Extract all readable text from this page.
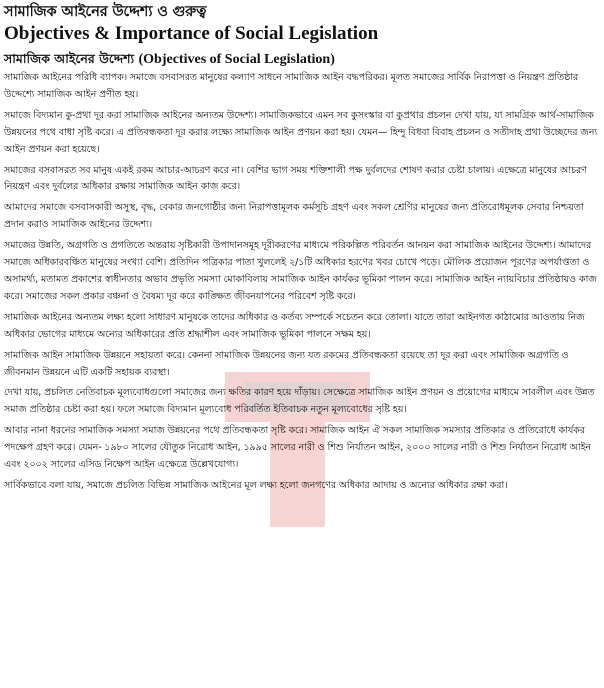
সামাজিক আইনের উদ্দেশ্য ও গুরুত্ব
Objectives & Importance of Social Legislation
সামাজিক আইনের উদ্দেশ্য (Objectives of Social Legislation)

সামাজিক আইনের পরিধি ব্যাপক। সমাজে বসবাসরত মানুষের কল্যাণ সাধনে সামাজিক আইন বদ্ধপরিকর। মূলত সমাজের সার্বিক নিরাপত্তা ও নিয়ন্ত্রণ প্রতিষ্ঠার উদ্দেশ্যে সামাজিক আইন প্রণীত হয়।

সমাজে বিদ্যমান কু-প্রথা দূর করা সামাজিক আইনের অন্যতম উদ্দেশ্য। সামাজিকভাবে এমন সব কুসংস্কার বা কুপ্রথার প্রচলন দেখা যায়, যা সামগ্রিক আর্থ-সামাজিক উন্নয়নের পথে বাধা সৃষ্টি করে। এ প্রতিবন্ধকতা দূর করার লক্ষ্যে সামাজিক আইন প্রণয়ন করা হয়। যেমন— হিন্দু বিধবা বিবাহ প্রচলন ও সতীদাহ প্রথা উচ্ছেদের জন্য আইন প্রণয়ন করা হয়েছে।

সমাজের বসবাসরত সব মানুষ একই রকম আচার-আচরণ করে না। বেশির ভাগ সময় শক্তিশালী পক্ষ দুর্বলদের শোষণ করার চেষ্টা চালায়। এক্ষেত্রে মানুষের আচরণ নিয়ন্ত্রণ এবং দুর্বলের অধিকার রক্ষায় সামাজিক আইন কাজ করে।

আমাদের সমাজে বসবাসকারী অসুস্থ, বৃদ্ধ, বেকার জনগোষ্ঠীর জন্য নিরাপত্তামূলক কর্মসূচি গ্রহণ এবং সকল শ্রেণির মানুষের জন্য প্রতিরোধমূলক সেবার নিশ্চয়তা প্রদান করাও সামাজিক আইনের উদ্দেশ্য।

সমাজের উন্নতি, অগ্রগতি ও প্রগতিতে অন্তরায় সৃষ্টিকারী উপাদানসমূহ দূরীকরণের মাধ্যমে পরিকল্পিত পরিবর্তন আনয়ন করা সামাজিক আইনের উদ্দেশ্য। আমাদের সমাজে অধিকারবঞ্চিত মানুষের সংখ্যা বেশি। প্রতিদিন পত্রিকার পাতা খুললেই ২/১টি অধিকার হরণের খবর চোখে পড়ে। মৌলিক প্রয়োজন পূরণের অপর্যাপ্ততা ও অসামর্থ্য, মতামত প্রকাশের স্বাধীনতার অভাব প্রভৃতি সমস্যা মোকাবিলায় সামাজিক আইন কার্যকর ভূমিকা পালন করে। সামাজিক আইন ন্যায়বিচার প্রতিষ্ঠায়ও কাজ করে। সমাজের সকল প্রকার বঞ্চনা ও বৈষম্য দূর করে কাঙ্ক্ষিত জীবনযাপনের পরিবেশ সৃষ্টি করে।

সামাজিক আইনের অন্যতম লক্ষ্য হলো সাধারণ মানুষকে তাদের অধিকার ও কর্তব্য সম্পর্কে সচেতন করে তোলা। যাতে তারা আইনগত কাঠামোর আওতায় নিজ অধিকার ভোগের মাধ্যমে অন্যের অধিকারের প্রতি শ্রদ্ধাশীল এবং সামাজিক ভূমিকা পালনে সক্ষম হয়।

সামাজিক আইন সামাজিক উন্নয়নে সহায়তা করে। কেননা সামাজিক উন্নয়নের জন্য যত রকমের প্রতিবন্ধকতা রয়েছে তা দূর করা এবং সামাজিক অগ্রগতি ও জীবনমান উন্নয়নে এটি একটি সহায়ক ব্যবস্থা।

দেখা যায়, প্রচলিত নেতিবাচক মূল্যবোধগুলো সমাজের জন্য ক্ষতির কারণ হয়ে দাঁড়ায়। সেক্ষেত্রে সামাজিক আইন প্রণয়ন ও প্রয়োগের মাধ্যমে সাবলীল এবং উন্নত সমাজ প্রতিষ্ঠার চেষ্টা করা হয়। ফলে সমাজে বিদ্যমান মূল্যবোধ পরিবর্তিত ইতিবাচক নতুন মূল্যবোধের সৃষ্টি হয়।

আবার নানা ধরনের সামাজিক সমস্যা সমাজ উন্নয়নের পথে প্রতিবন্ধকতা সৃষ্টি করে। সামাজিক আইন ঐ সকল সামাজিক সমস্যার প্রতিকার ও প্রতিরোধে কার্যকর পদক্ষেপ গ্রহণ করে। যেমন- ১৯৮০ সালের যৌতুক নিরোধ আইন, ১৯৯৫ সালের নারী ও শিশু নির্যাতন আইন, ২০০০ সালের নারী ও শিশু নির্যাতন নিরোধ আইন এবং ২০০২ সালের এসিড নিক্ষেপ আইন এক্ষেত্রে উল্লেখযোগ্য।

সার্বিকভাবে বলা যায়, সমাজে প্রচলিত বিভিন্ন সামাজিক আইনের মূল লক্ষ্য হলো জনগণের অধিকার আদায় ও অন্যের অধিকার রক্ষা করা।
